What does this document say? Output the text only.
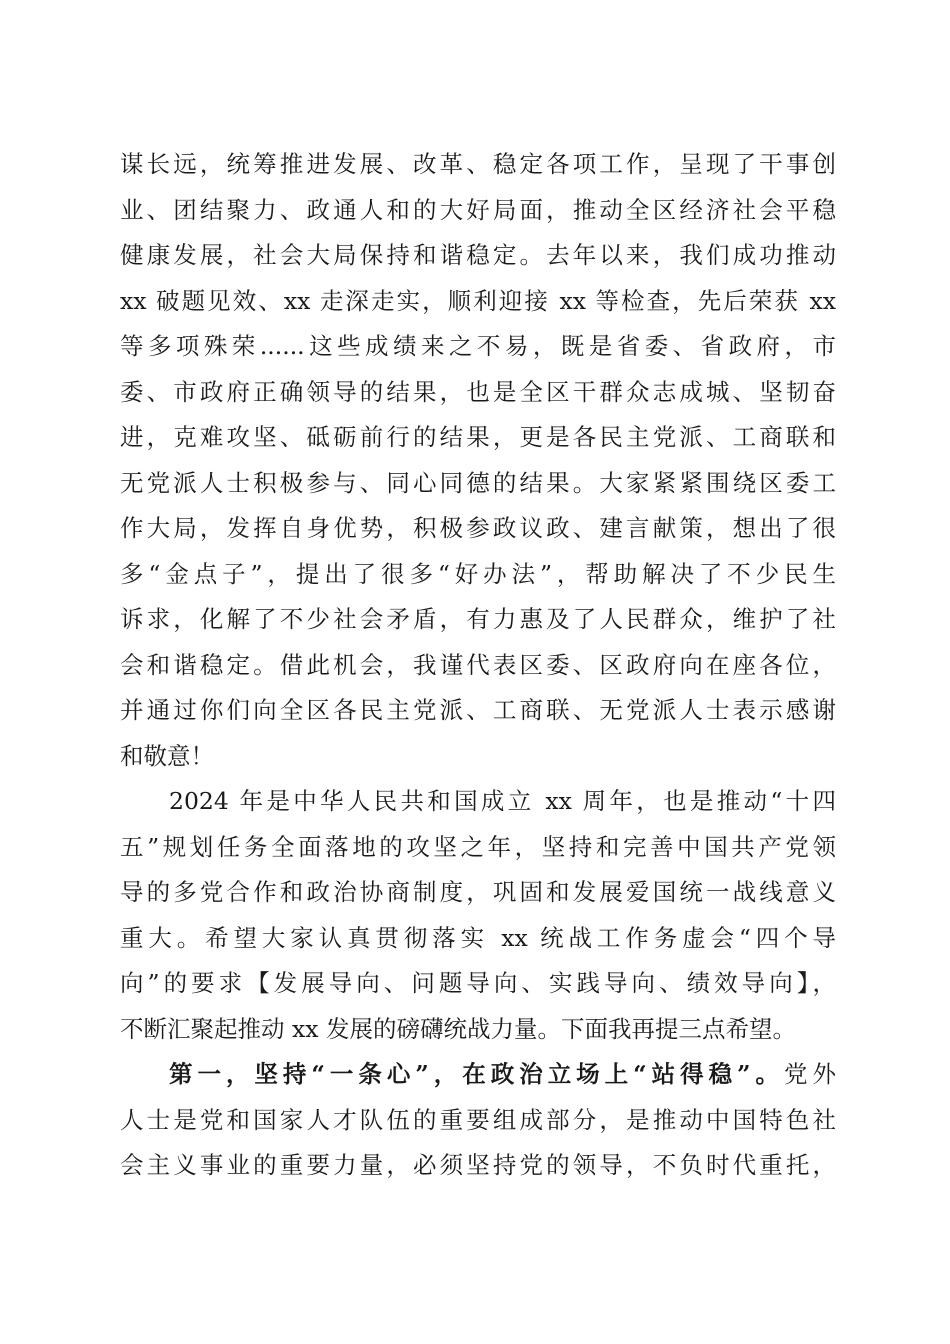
谋长远，统筹推进发展、改革、稳定各项工作，呈现了干事创
业、团结聚力、政通人和的大好局面，推动全区经济社会平稳
健康发展，社会大局保持和谐稳定。去年以来，我们成功推动
xx 破题见效、xx 走深走实，顺利迎接 xx 等检查，先后荣获 xx
等多项殊荣......这些成绩来之不易，既是省委、省政府，市
委、市政府正确领导的结果，也是全区干群众志成城、坚韧奋
进，克难攻坚、砥砺前行的结果，更是各民主党派、工商联和
无党派人士积极参与、同心同德的结果。大家紧紧围绕区委工
作大局，发挥自身优势，积极参政议政、建言献策，想出了很
多“金点子”，提出了很多“好办法”，帮助解决了不少民生
诉求，化解了不少社会矛盾，有力惠及了人民群众，维护了社
会和谐稳定。借此机会，我谨代表区委、区政府向在座各位，
并通过你们向全区各民主党派、工商联、无党派人士表示感谢
和敬意！
2024 年是中华人民共和国成立 xx 周年，也是推动“十四
五”规划任务全面落地的攻坚之年，坚持和完善中国共产党领
导的多党合作和政治协商制度，巩固和发展爱国统一战线意义
重大。希望大家认真贯彻落实 xx 统战工作务虚会“四个导
向”的要求【发展导向、问题导向、实践导向、绩效导向】，
不断汇聚起推动 xx 发展的磅礴统战力量。下面我再提三点希望。
第一，坚持“一条心”，在政治立场上“站得稳”。党外
人士是党和国家人才队伍的重要组成部分，是推动中国特色社
会主义事业的重要力量，必须坚持党的领导，不负时代重托，
